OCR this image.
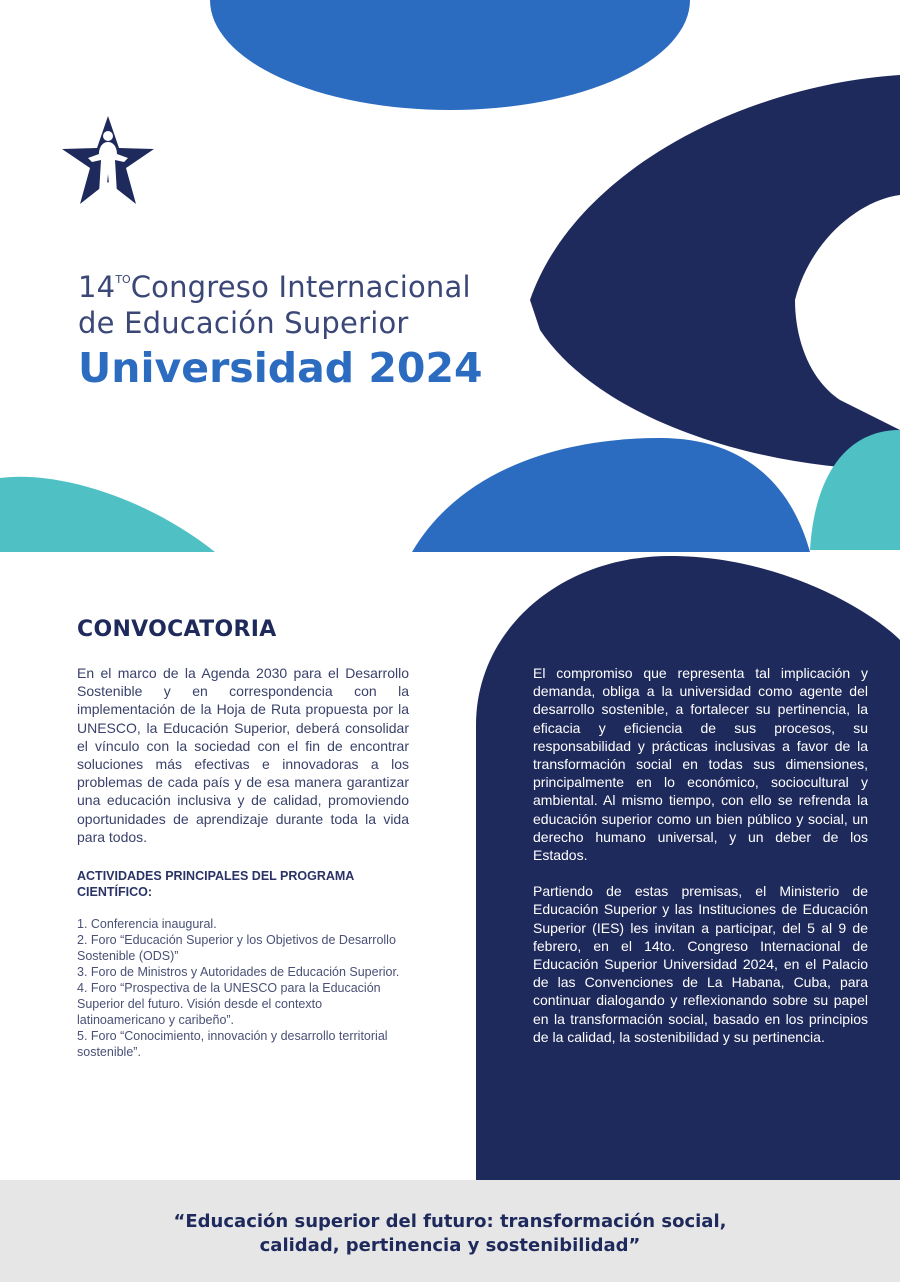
$14^{TO}Congreso$ Internacional
de Educación Superior
Universidad 2024
CONVOCATORIA

En el marco de la Agenda 2030 para el Desarrollo Sostenible y en correspondencia con la implementación de la Hoja de Ruta propuesta por la UNESCO, la Educación Superior, deberá consolidar el vínculo con la sociedad con el fin de encontrar soluciones más efectivas e innovadoras a los problemas de cada país y de esa manera garantizar una educación inclusiva y de calidad, promoviendo oportunidades de aprendizaje durante toda la vida para todos.

ACTIVIDADES PRINCIPALES DEL PROGRAMA CIENTÍFICO:
1. Conferencia inaugural.
2. Foro “Educación Superior y los Objetivos de Desarrollo Sostenible (ODS)”
3. Foro de Ministros y Autoridades de Educación Superior.
4. Foro “Prospectiva de la UNESCO para la Educación Superior del futuro. Visión desde el contexto latinoamericano y caribeño”.
5. Foro “Conocimiento, innovación y desarrollo territorial sostenible”.

El compromiso que representa tal implicación y demanda, obliga a la universidad como agente del desarrollo sostenible, a fortalecer su pertinencia, la eficacia y eficiencia de sus procesos, su responsabilidad y prácticas inclusivas a favor de la transformación social en todas sus dimensiones, principalmente en lo económico, sociocultural y ambiental. Al mismo tiempo, con ello se refrenda la educación superior como un bien público y social, un derecho humano universal, y un deber de los Estados.

Partiendo de estas premisas, el Ministerio de Educación Superior y las Instituciones de Educación Superior (IES) les invitan a participar, del 5 al 9 de febrero, en el 14to. Congreso Internacional de Educación Superior Universidad 2024, en el Palacio de las Convenciones de La Habana, Cuba, para continuar dialogando y reflexionando sobre su papel en la transformación social, basado en los principios de la calidad, la sostenibilidad y su pertinencia.

“Educación superior del futuro: transformación social,
calidad, pertinencia y sostenibilidad”
